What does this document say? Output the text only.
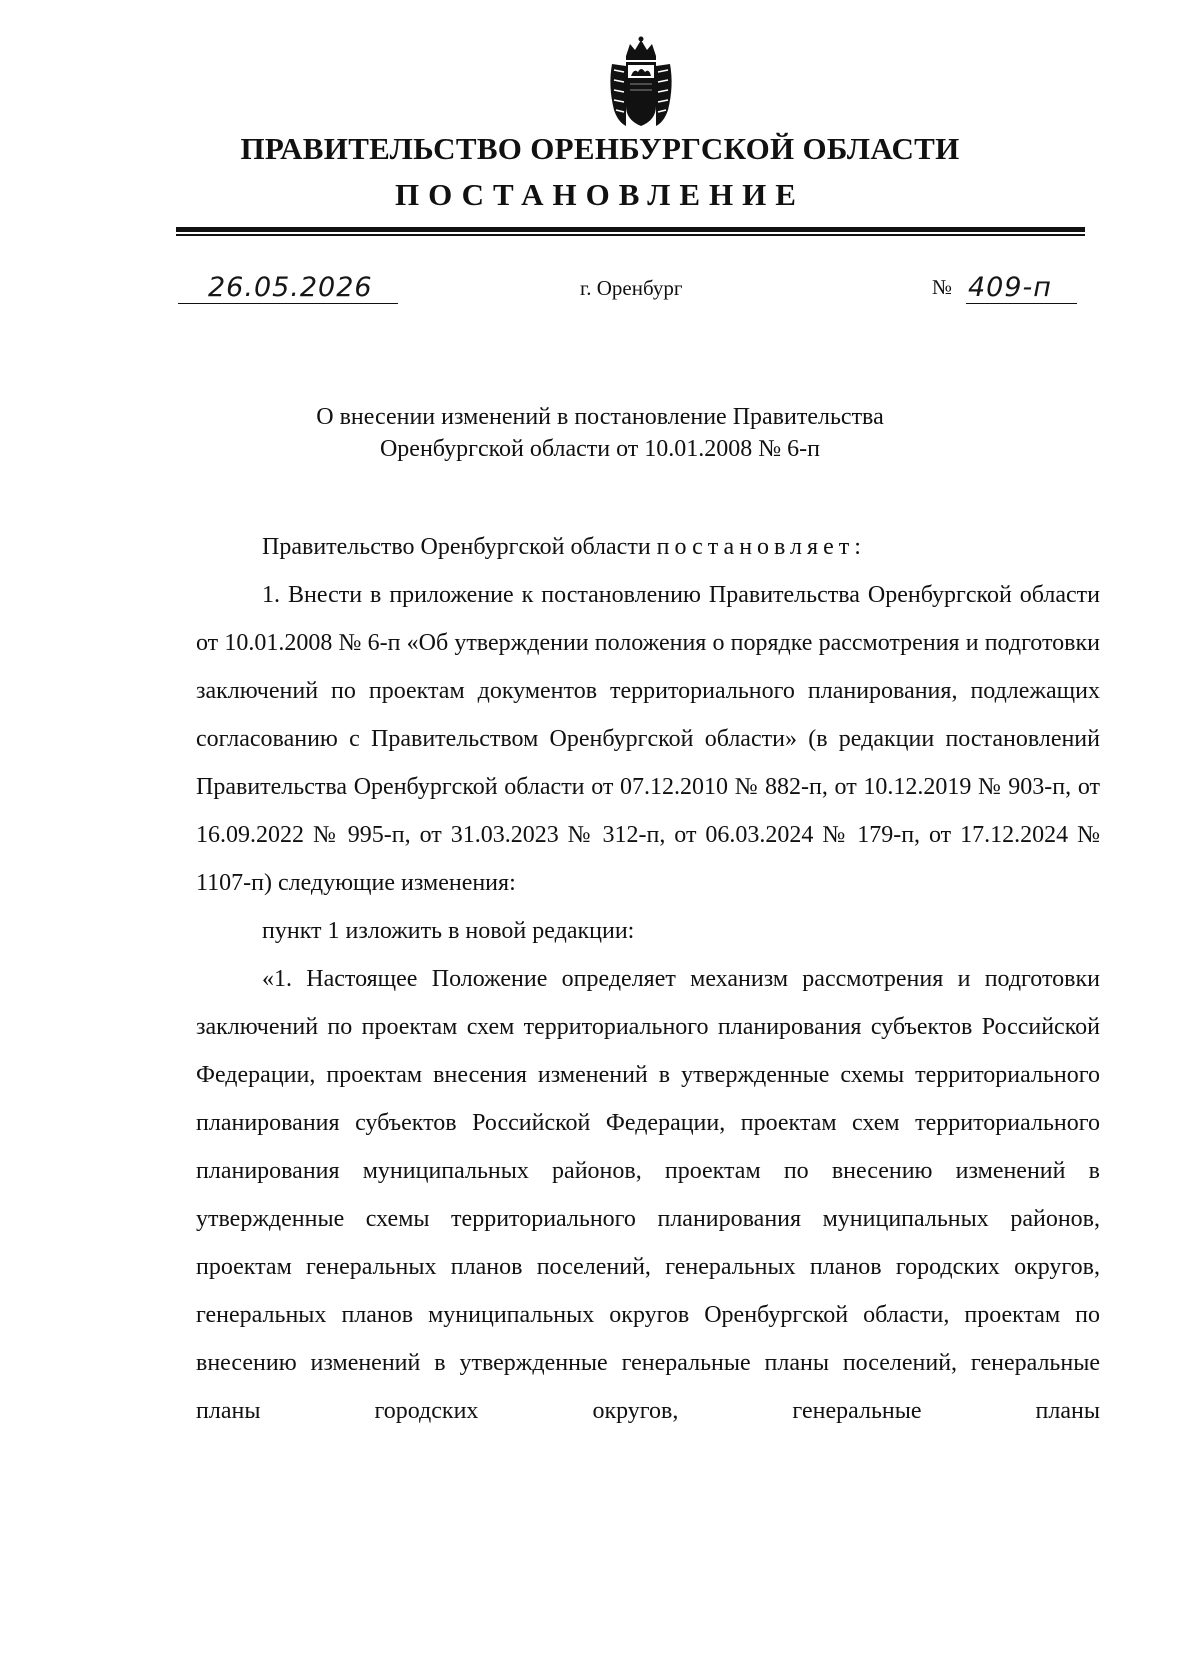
ПРАВИТЕЛЬСТВО ОРЕНБУРГСКОЙ ОБЛАСТИ
ПОСТАНОВЛЕНИЕ
26.05.2026	г. Оренбург	№ 409-п
О внесении изменений в постановление Правительства
Оренбургской области от 10.01.2008 № 6-п

Правительство Оренбургской области постановляет:

1. Внести в приложение к постановлению Правительства Оренбургской области от 10.01.2008 № 6-п «Об утверждении положения о порядке рассмотрения и подготовки заключений по проектам документов территориального планирования, подлежащих согласованию с Правительством Оренбургской области» (в редакции постановлений Правительства Оренбургской области от 07.12.2010 № 882-п, от 10.12.2019 № 903-п, от 16.09.2022 № 995-п, от 31.03.2023 № 312-п, от 06.03.2024 № 179-п, от 17.12.2024 № 1107-п) следующие изменения:

пункт 1 изложить в новой редакции:

«1. Настоящее Положение определяет механизм рассмотрения и подготовки заключений по проектам схем территориального планирования субъектов Российской Федерации, проектам внесения изменений в утвержденные схемы территориального планирования субъектов Российской Федерации, проектам схем территориального планирования муниципальных районов, проектам по внесению изменений в утвержденные схемы территориального планирования муниципальных районов, проектам генеральных планов поселений, генеральных планов городских округов, генеральных планов муниципальных округов Оренбургской области, проектам по внесению изменений в утвержденные генеральные планы поселений, генеральные планы городских округов, генеральные планы
